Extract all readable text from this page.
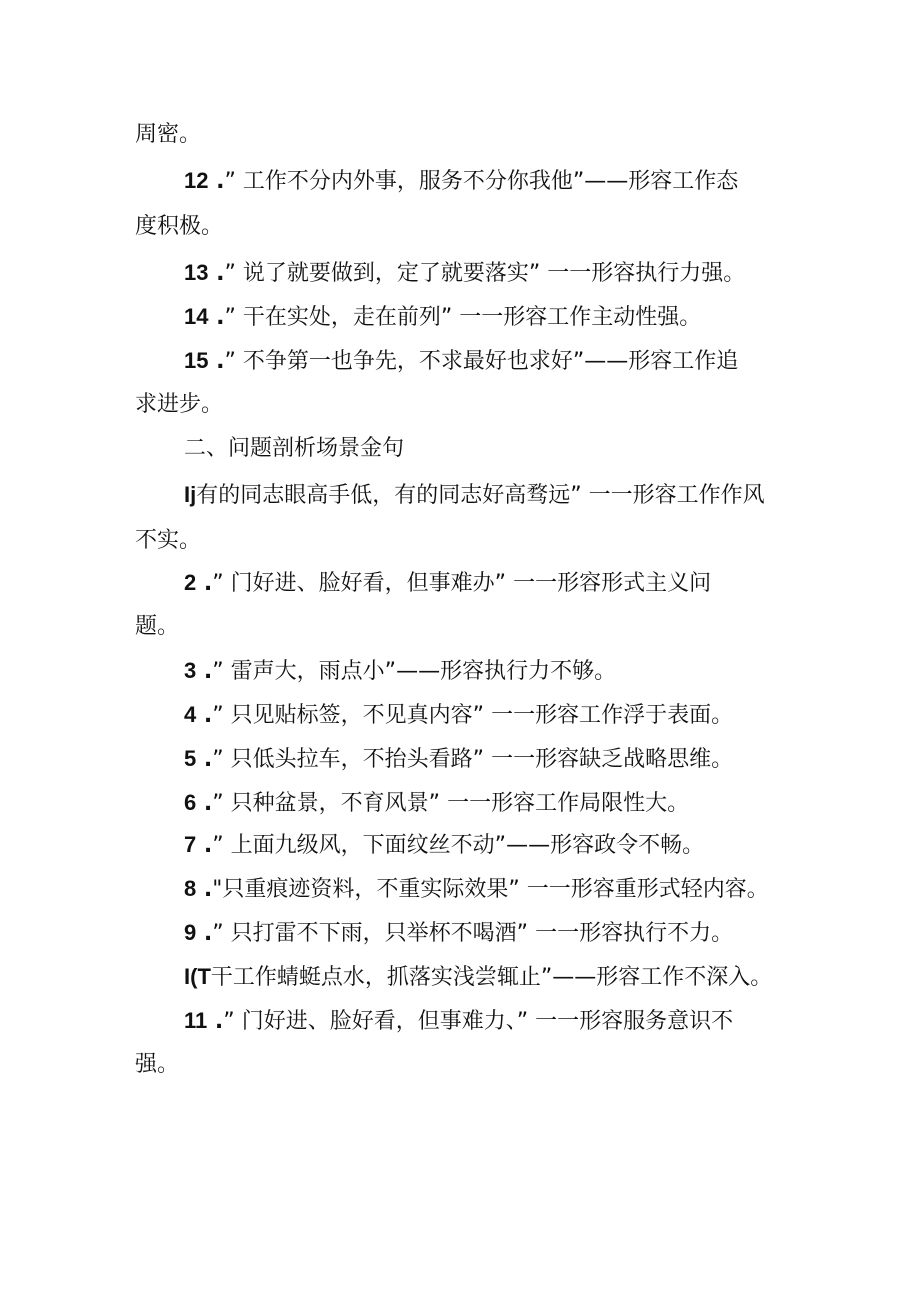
周密。
12 .” 工作不分内外事，服务不分你我他”——形容工作态
度积极。
13 .” 说了就要做到，定了就要落实” 一一形容执行力强。
14 .” 干在实处，走在前列” 一一形容工作主动性强。
15 .” 不争第一也争先，不求最好也求好”——形容工作追
求进步。
二、问题剖析场景金句
Ij有的同志眼高手低，有的同志好高骛远” 一一形容工作作风
不实。
2 .” 门好进、脸好看，但事难办” 一一形容形式主义问
题。
3 .” 雷声大，雨点小”——形容执行力不够。
4 .” 只见贴标签，不见真内容” 一一形容工作浮于表面。
5 .” 只低头拉车，不抬头看路” 一一形容缺乏战略思维。
6 .” 只种盆景，不育风景” 一一形容工作局限性大。
7 .” 上面九级风，下面纹丝不动”——形容政令不畅。
8 ."只重痕迹资料，不重实际效果” 一一形容重形式轻内容。
9 .” 只打雷不下雨，只举杯不喝酒” 一一形容执行不力。
I(T干工作蜻蜓点水，抓落实浅尝辄止”——形容工作不深入。
11 .” 门好进、脸好看，但事难力、” 一一形容服务意识不
强。
